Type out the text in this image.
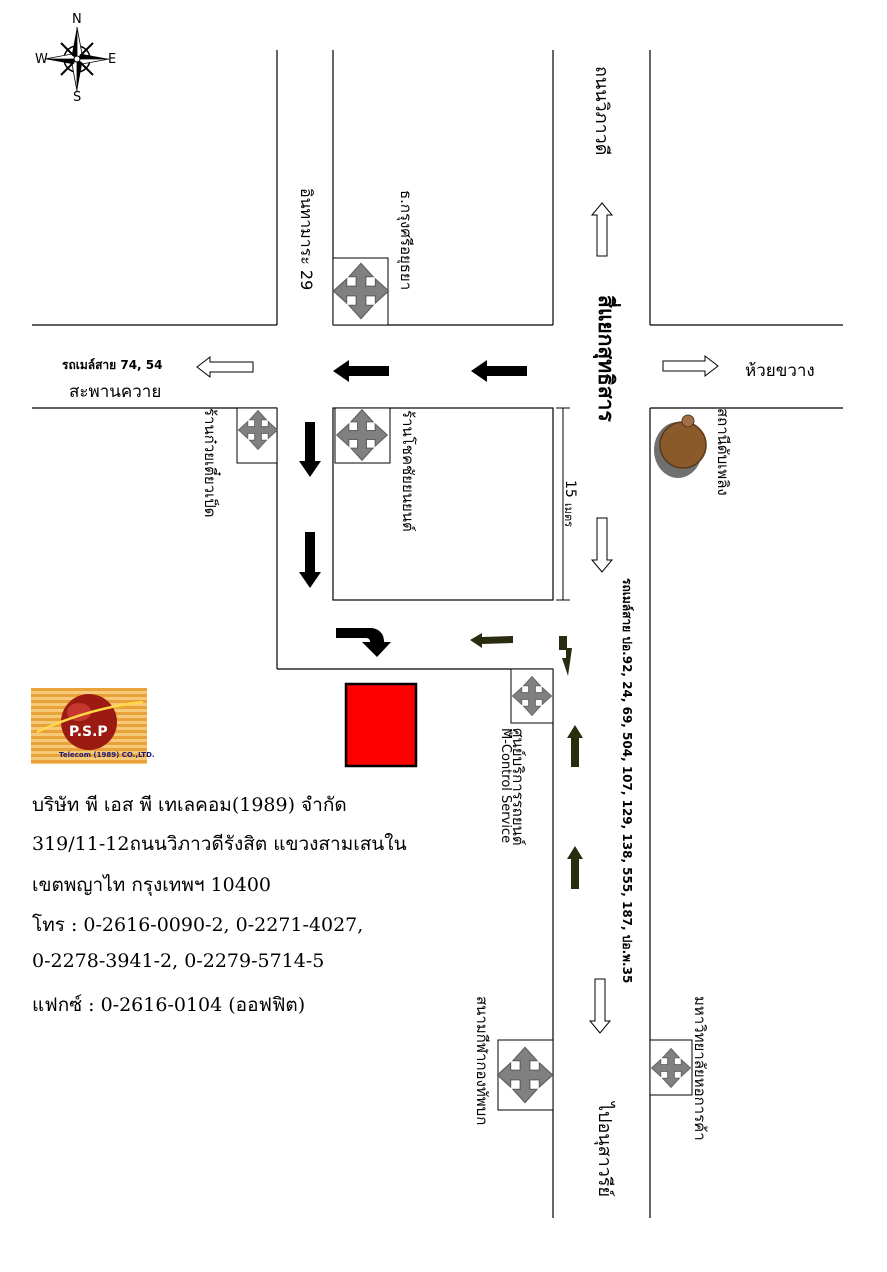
N
S
E
W
รถเมล์สาย 74, 54
สะพานควาย
ห้วยขวาง
ถนนวิภาวดี
สี่แยกสุทธิสาร
อินทามาระ 29	ธ.กรุงศรีอยุธยา
ร้านโชคชัยยนยนต์
ร้านก๋วยเตี๋ยวเป็ด	สถานีดับเพลิง
15
เมตร
รถเมล์สาย ปอ.92, 24, 69, 504, 107, 129, 138, 555, 187, ปอ.พ.35
ศูนย์บริการรถยนต์
M-Control Service
สนามกีฬากองทัพบก	มหาวิทยาลัยหอการค้า
ไปอนุสาวรีย์
P.S.P
Telecom (1989) CO.,LTD.
บริษัท พี เอส พี เทเลคอม(1989) จำกัด
319/11-12ถนนวิภาวดีรังสิต แขวงสามเสนใน
เขตพญาไท กรุงเทพฯ 10400
โทร : 0-2616-0090-2, 0-2271-4027,
0-2278-3941-2, 0-2279-5714-5
แฟกซ์ : 0-2616-0104 (ออฟฟิต)
